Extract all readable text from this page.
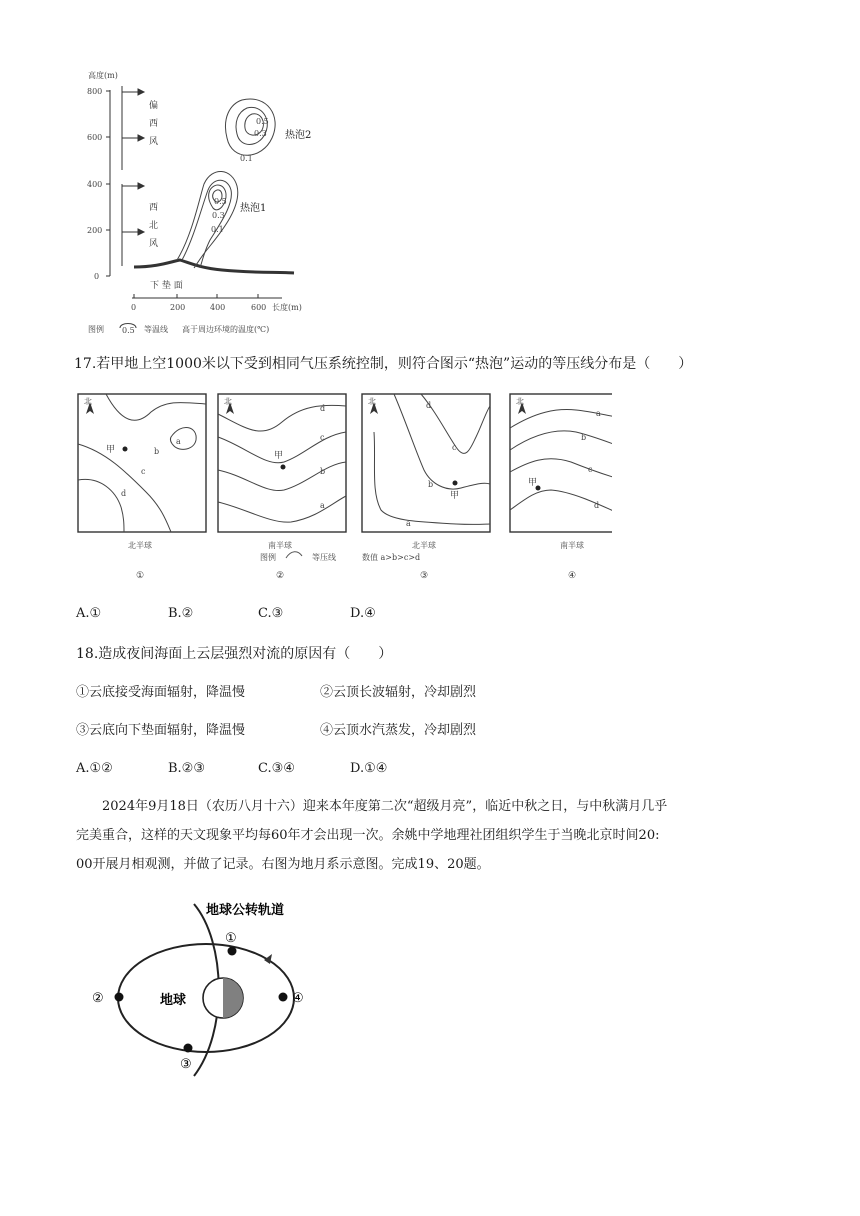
高度(m)
800
600
400
200
0
偏
西
风
西
北
风
0.5
0.3
0.1
热泡2
0.5
0.3
0.1
热泡1
下 垫 面
0	200	400	600 长度(m)
图例 0.5 等温线 高于周边环境的温度(℃)
17.若甲地上空1000米以下受到相同气压系统控制，则符合图示“热泡”运动的等压线分布是（　　）
北	北	北	北
甲
a
b
c
d
甲
d
c
b
a
甲
d
c
b
a
甲
a
b
c
d
北半球	南半球	北半球	南半球
图例	等压线	数值 a>b>c>d
①	②	③	④
A.①	B.②	C.③	D.④
18.造成夜间海面上云层强烈对流的原因有（　　）
①云底接受海面辐射，降温慢	②云顶长波辐射，冷却剧烈
③云底向下垫面辐射，降温慢	④云顶水汽蒸发，冷却剧烈
A.①②	B.②③	C.③④	D.①④
2024年9月18日（农历八月十六）迎来本年度第二次“超级月亮”，临近中秋之日，与中秋满月几乎
完美重合，这样的天文现象平均每60年才会出现一次。余姚中学地理社团组织学生于当晚北京时间20:
00开展月相观测，并做了记录。右图为地月系示意图。完成19、20题。
地球公转轨道
地球
①
②
③
④
